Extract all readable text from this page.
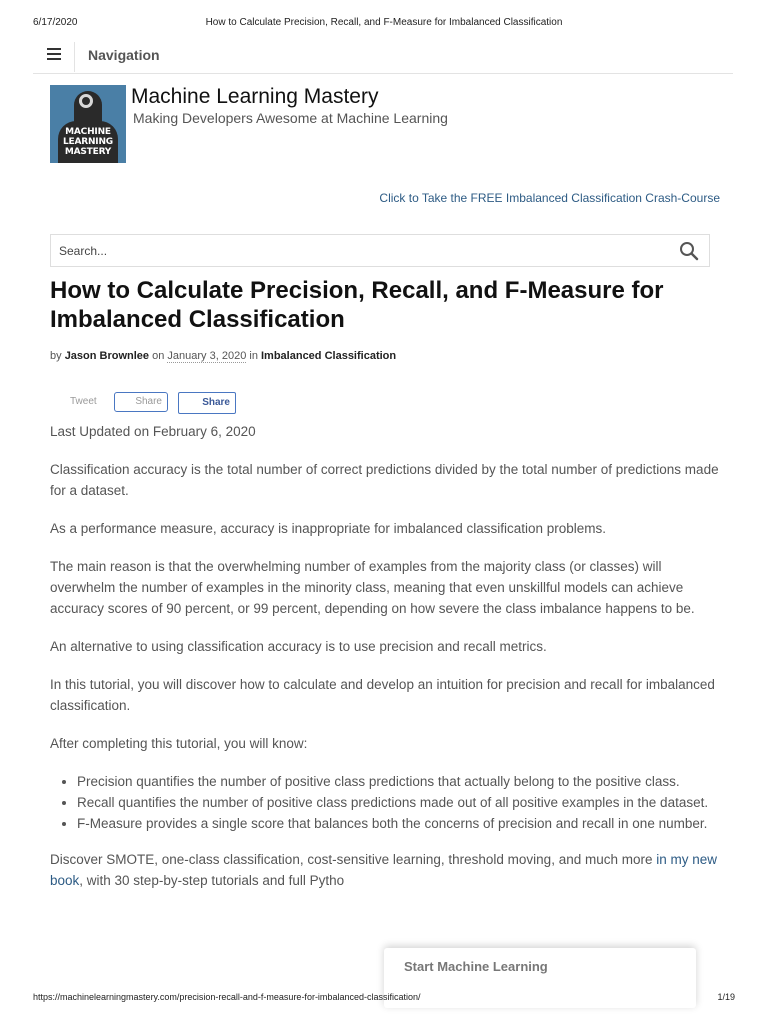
6/17/2020	How to Calculate Precision, Recall, and F-Measure for Imbalanced Classification
Navigation
MACHINE
LEARNING
MASTERY
Machine Learning Mastery
Making Developers Awesome at Machine Learning
Click to Take the FREE Imbalanced Classification Crash-Course
Search...
How to Calculate Precision, Recall, and F-Measure for Imbalanced Classification
by Jason Brownlee on January 3, 2020 in Imbalanced Classification
Tweet	Share	Share

Last Updated on February 6, 2020

Classification accuracy is the total number of correct predictions divided by the total number of predictions made for a dataset.

As a performance measure, accuracy is inappropriate for imbalanced classification problems.

The main reason is that the overwhelming number of examples from the majority class (or classes) will overwhelm the number of examples in the minority class, meaning that even unskillful models can achieve accuracy scores of 90 percent, or 99 percent, depending on how severe the class imbalance happens to be.

An alternative to using classification accuracy is to use precision and recall metrics.

In this tutorial, you will discover how to calculate and develop an intuition for precision and recall for imbalanced classification.

After completing this tutorial, you will know:

• Precision quantifies the number of positive class predictions that actually belong to the positive class.
• Recall quantifies the number of positive class predictions made out of all positive examples in the dataset.
• F-Measure provides a single score that balances both the concerns of precision and recall in one number.

Discover SMOTE, one-class classification, cost-sensitive learning, threshold moving, and much more in my new book, with 30 step-by-step tutorials and full Pytho

Start Machine Learning
https://machinelearningmastery.com/precision-recall-and-f-measure-for-imbalanced-classification/	1/19
